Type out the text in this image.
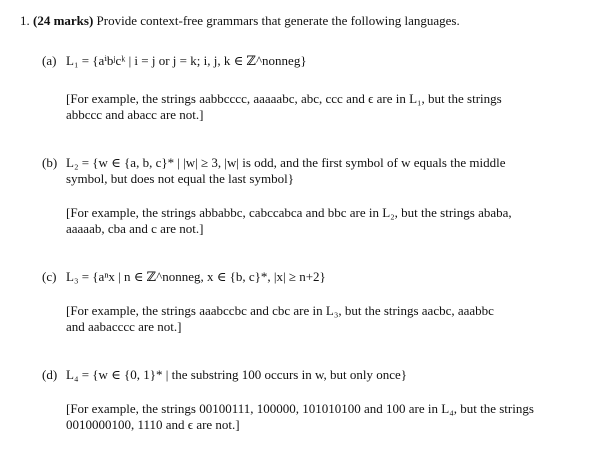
1. (24 marks) Provide context-free grammars that generate the following languages.
(a) L₁ = {aⁱbʲcᵏ | i = j or j = k; i, j, k ∈ ℤ^nonneg}
[For example, the strings aabbcccc, aaaaabc, abc, ccc and ϵ are in L₁, but the strings
abbccc and abacc are not.]
(b) L₂ = {w ∈ {a, b, c}* | |w| ≥ 3, |w| is odd, and the first symbol of w equals the middle
symbol, but does not equal the last symbol}
[For example, the strings abbabbc, cabccabca and bbc are in L₂, but the strings ababa,
aaaaab, cba and c are not.]
(c) L₃ = {aⁿx | n ∈ ℤ^nonneg, x ∈ {b, c}*, |x| ≥ n+2}
[For example, the strings aaabccbc and cbc are in L₃, but the strings aacbc, aaabbc
and aabacccc are not.]
(d) L₄ = {w ∈ {0, 1}* | the substring 100 occurs in w, but only once}
[For example, the strings 00100111, 100000, 101010100 and 100 are in L₄, but the strings
0010000100, 1110 and ϵ are not.]
